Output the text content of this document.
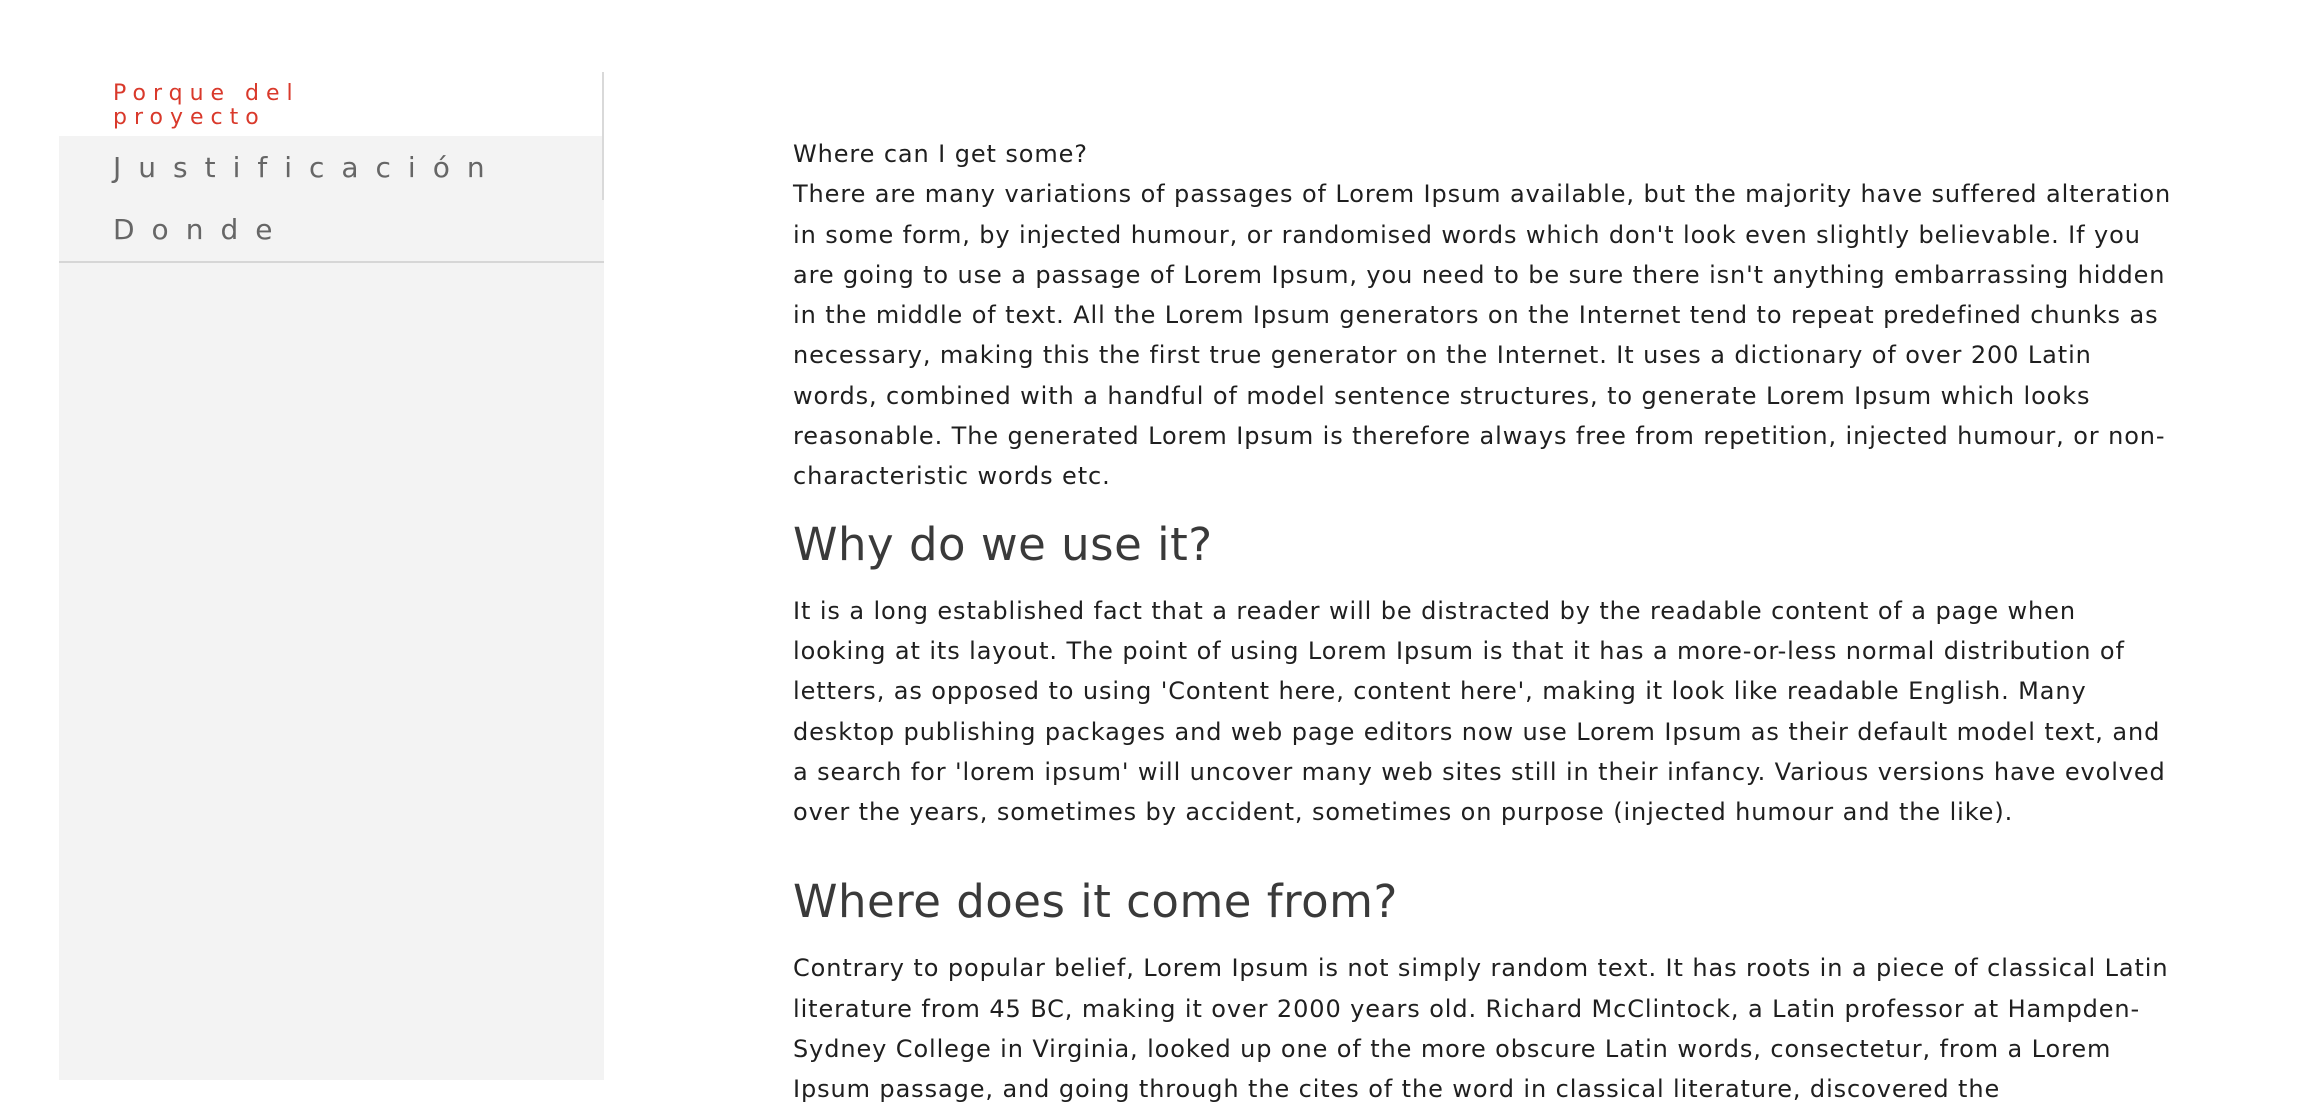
Porque del proyecto
Justificación
Donde

Where can I get some?

There are many variations of passages of Lorem Ipsum available, but the majority have suffered alteration in some form, by injected humour, or randomised words which don't look even slightly believable. If you are going to use a passage of Lorem Ipsum, you need to be sure there isn't anything embarrassing hidden in the middle of text. All the Lorem Ipsum generators on the Internet tend to repeat predefined chunks as necessary, making this the first true generator on the Internet. It uses a dictionary of over 200 Latin words, combined with a handful of model sentence structures, to generate Lorem Ipsum which looks reasonable. The generated Lorem Ipsum is therefore always free from repetition, injected humour, or non-characteristic words etc.

Why do we use it?

It is a long established fact that a reader will be distracted by the readable content of a page when looking at its layout. The point of using Lorem Ipsum is that it has a more-or-less normal distribution of letters, as opposed to using 'Content here, content here', making it look like readable English. Many desktop publishing packages and web page editors now use Lorem Ipsum as their default model text, and a search for 'lorem ipsum' will uncover many web sites still in their infancy. Various versions have evolved over the years, sometimes by accident, sometimes on purpose (injected humour and the like).

Where does it come from?

Contrary to popular belief, Lorem Ipsum is not simply random text. It has roots in a piece of classical Latin literature from 45 BC, making it over 2000 years old. Richard McClintock, a Latin professor at Hampden-Sydney College in Virginia, looked up one of the more obscure Latin words, consectetur, from a Lorem Ipsum passage, and going through the cites of the word in classical literature, discovered the
